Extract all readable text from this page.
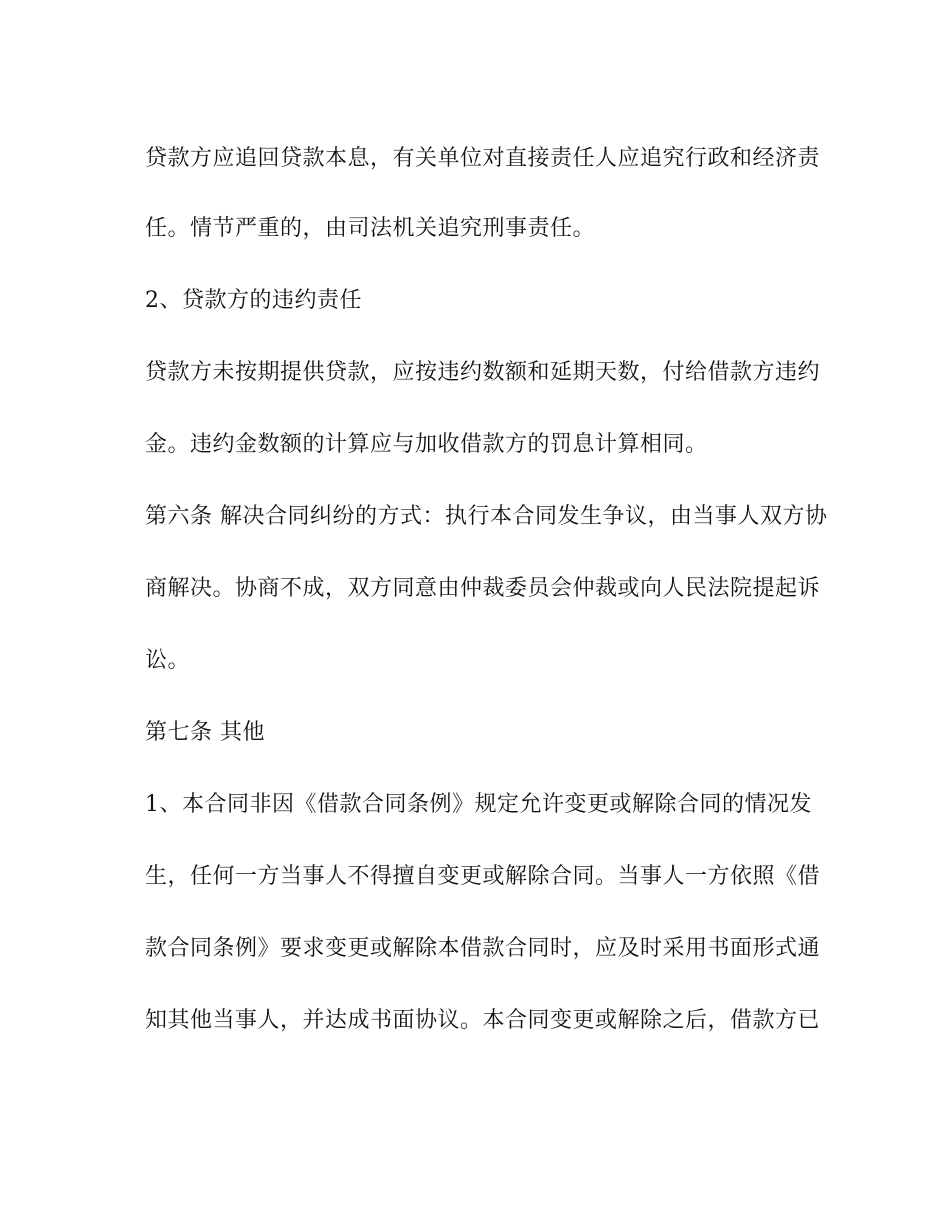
贷款方应追回贷款本息，有关单位对直接责任人应追究行政和经济责
任。情节严重的，由司法机关追究刑事责任。
2、贷款方的违约责任
贷款方未按期提供贷款，应按违约数额和延期天数，付给借款方违约
金。违约金数额的计算应与加收借款方的罚息计算相同。
第六条 解决合同纠纷的方式：执行本合同发生争议，由当事人双方协
商解决。协商不成，双方同意由仲裁委员会仲裁或向人民法院提起诉
讼。
第七条 其他
1、本合同非因《借款合同条例》规定允许变更或解除合同的情况发
生，任何一方当事人不得擅自变更或解除合同。当事人一方依照《借
款合同条例》要求变更或解除本借款合同时，应及时采用书面形式通
知其他当事人，并达成书面协议。本合同变更或解除之后，借款方已
